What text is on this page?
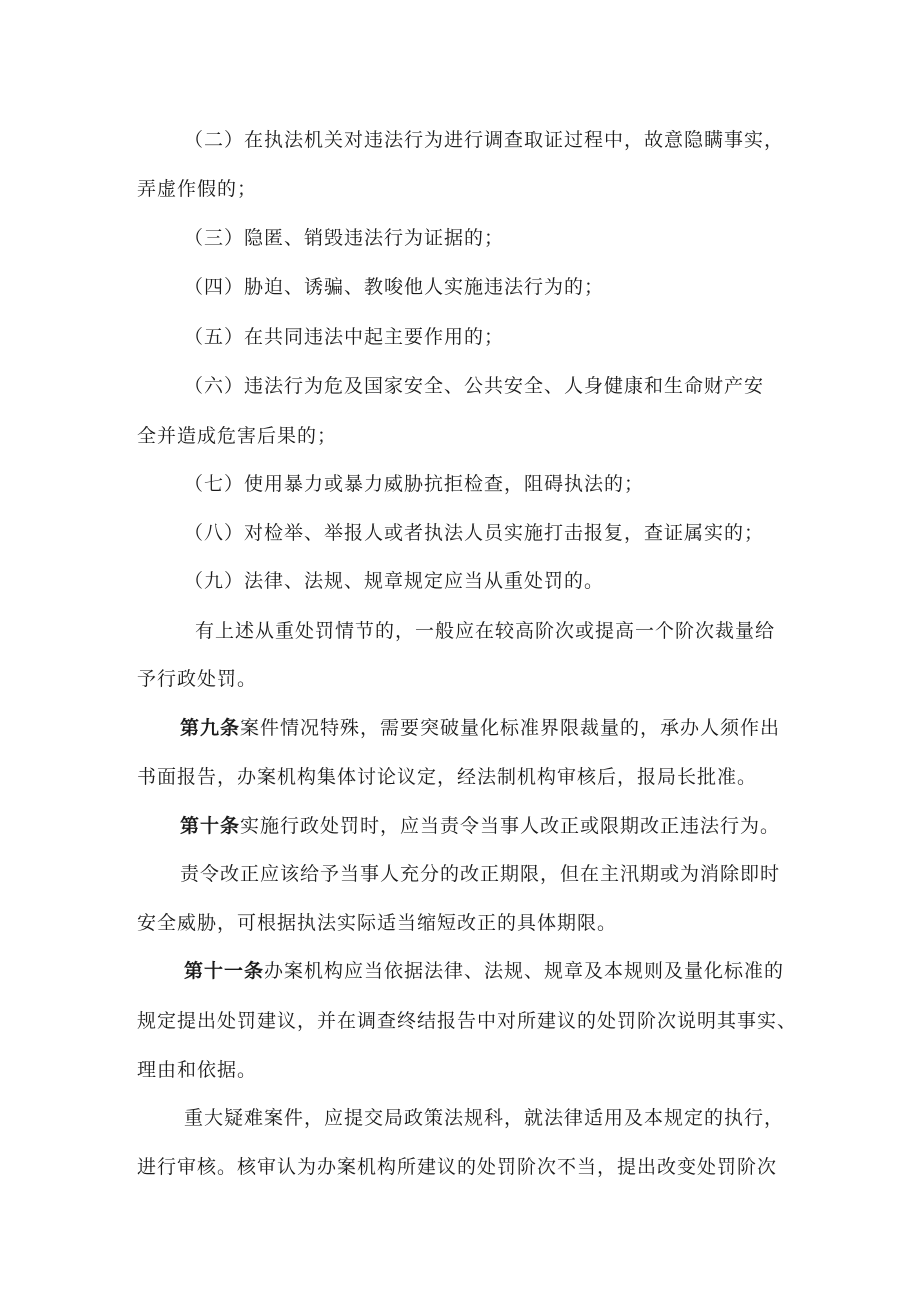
（二）在执法机关对违法行为进行调查取证过程中，故意隐瞒事实，
弄虚作假的；
（三）隐匿、销毁违法行为证据的；
（四）胁迫、诱骗、教唆他人实施违法行为的；
（五）在共同违法中起主要作用的；
（六）违法行为危及国家安全、公共安全、人身健康和生命财产安
全并造成危害后果的；
（七）使用暴力或暴力威胁抗拒检查，阻碍执法的；
（八）对检举、举报人或者执法人员实施打击报复，查证属实的；
（九）法律、法规、规章规定应当从重处罚的。
有上述从重处罚情节的，一般应在较高阶次或提高一个阶次裁量给
予行政处罚。
第九条案件情况特殊，需要突破量化标准界限裁量的，承办人须作出
书面报告，办案机构集体讨论议定，经法制机构审核后，报局长批准。
第十条实施行政处罚时，应当责令当事人改正或限期改正违法行为。
责令改正应该给予当事人充分的改正期限，但在主汛期或为消除即时
安全威胁，可根据执法实际适当缩短改正的具体期限。
第十一条办案机构应当依据法律、法规、规章及本规则及量化标准的
规定提出处罚建议，并在调查终结报告中对所建议的处罚阶次说明其事实、
理由和依据。
重大疑难案件，应提交局政策法规科，就法律适用及本规定的执行，
进行审核。核审认为办案机构所建议的处罚阶次不当，提出改变处罚阶次
